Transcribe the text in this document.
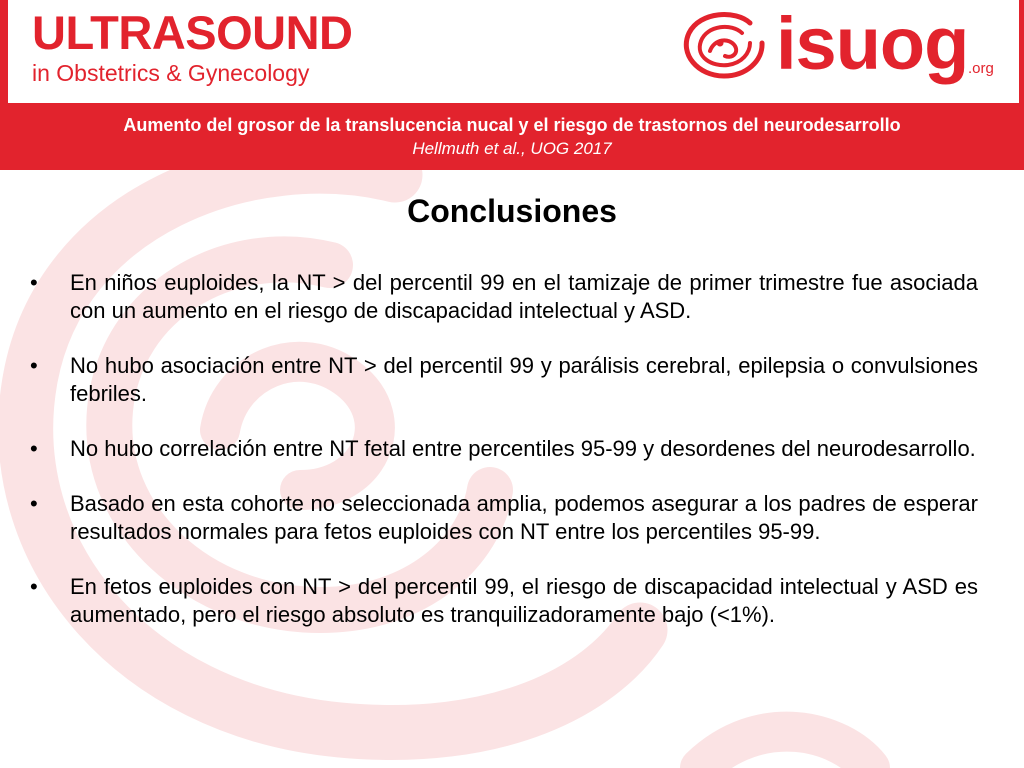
ULTRASOUND
in Obstetrics & Gynecology	isuog .org
Aumento del grosor de la translucencia nucal y el riesgo de trastornos del neurodesarrollo
Hellmuth et al., UOG 2017
Conclusiones
• En niños euploides, la NT > del percentil 99 en el tamizaje de primer trimestre fue asociada con un aumento en el riesgo de discapacidad intelectual y ASD.
• No hubo asociación entre NT > del percentil 99 y parálisis cerebral, epilepsia o convulsiones febriles.
• No hubo correlación entre NT fetal entre percentiles 95-99 y desordenes del neurodesarrollo.
• Basado en esta cohorte no seleccionada amplia, podemos asegurar a los padres de esperar resultados normales para fetos euploides con NT entre los percentiles 95-99.
• En fetos euploides con NT > del percentil 99, el riesgo de discapacidad intelectual y ASD es aumentado, pero el riesgo absoluto es tranquilizadoramente bajo (<1%).
